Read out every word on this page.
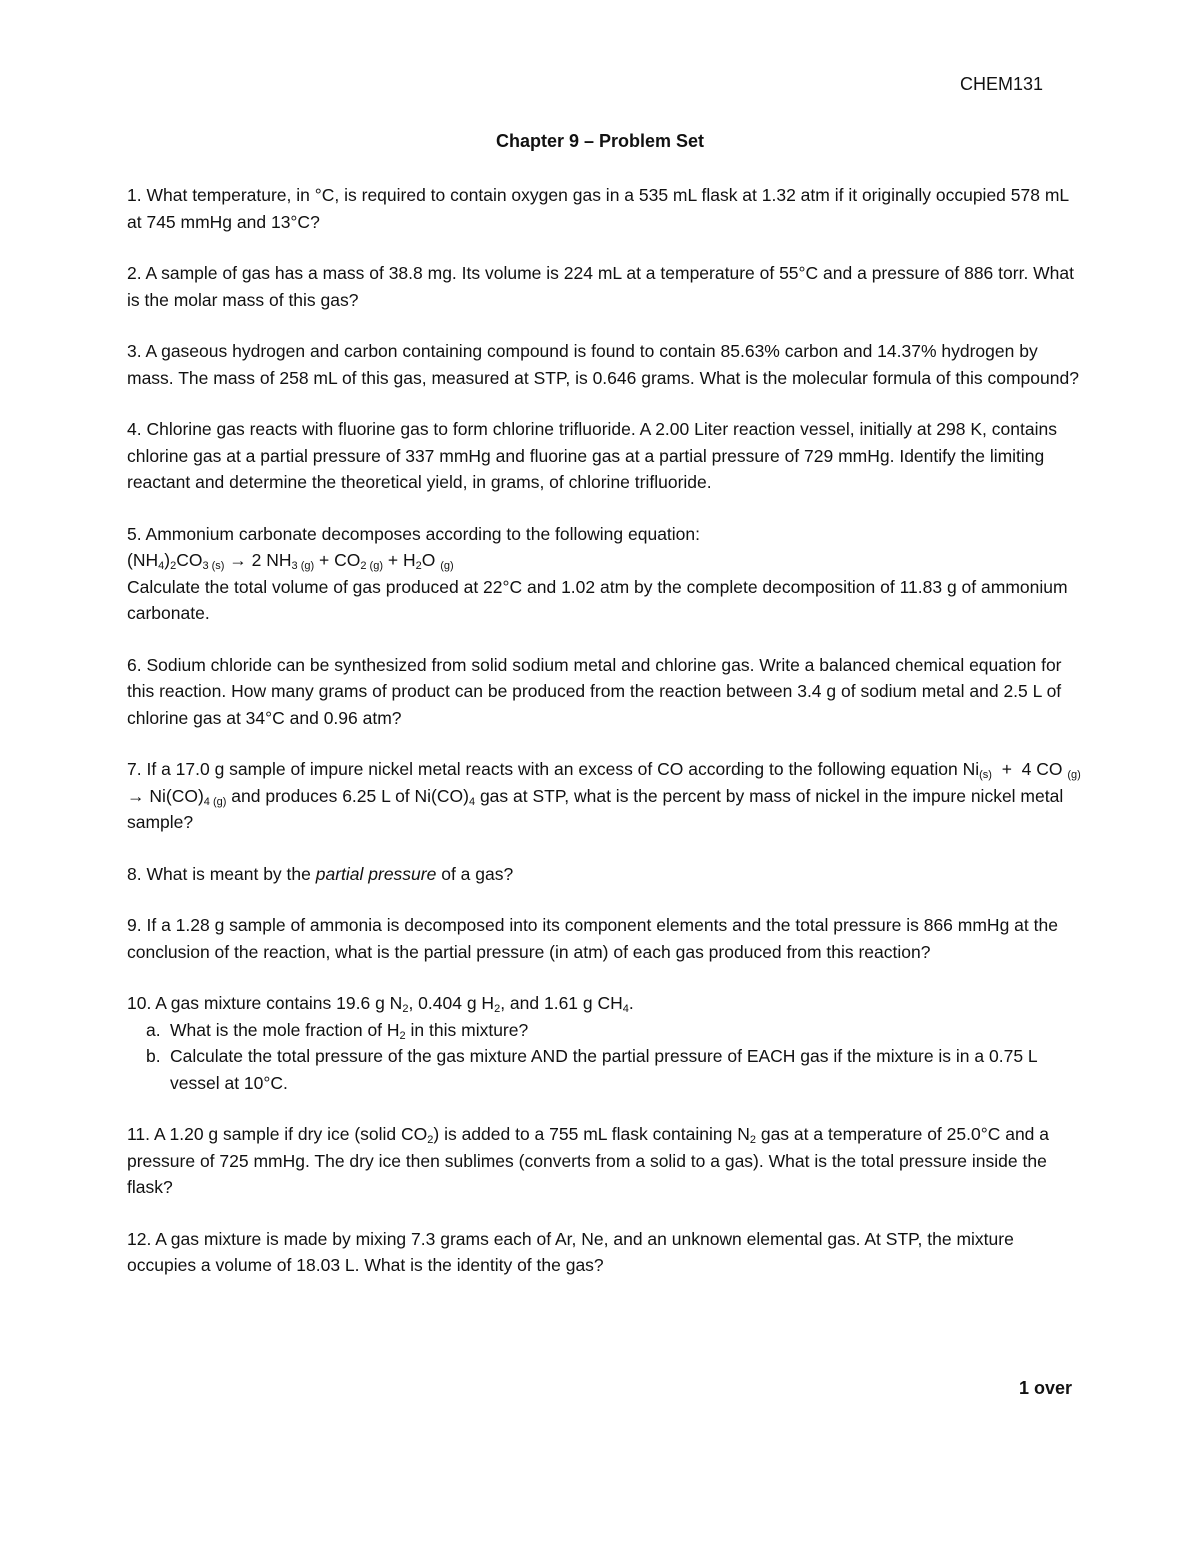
CHEM131
Chapter 9 – Problem Set

1. What temperature, in °C, is required to contain oxygen gas in a 535 mL flask at 1.32 atm if it originally occupied 578 mL at 745 mmHg and 13°C?

2. A sample of gas has a mass of 38.8 mg. Its volume is 224 mL at a temperature of 55°C and a pressure of 886 torr. What is the molar mass of this gas?

3. A gaseous hydrogen and carbon containing compound is found to contain 85.63% carbon and 14.37% hydrogen by mass. The mass of 258 mL of this gas, measured at STP, is 0.646 grams. What is the molecular formula of this compound?

4. Chlorine gas reacts with fluorine gas to form chlorine trifluoride. A 2.00 Liter reaction vessel, initially at 298 K, contains chlorine gas at a partial pressure of 337 mmHg and fluorine gas at a partial pressure of 729 mmHg. Identify the limiting reactant and determine the theoretical yield, in grams, of chlorine trifluoride.

5. Ammonium carbonate decomposes according to the following equation:

$(NH_4)_2CO_{3 (s)} \to 2$ $NH_{3 (g)} + CO_{2 (g)} + H_2O$ $_{(g)}$

Calculate the total volume of gas produced at 22°C and 1.02 atm by the complete decomposition of 11.83 g of ammonium carbonate.

6. Sodium chloride can be synthesized from solid sodium metal and chlorine gas. Write a balanced chemical equation for this reaction. How many grams of product can be produced from the reaction between 3.4 g of sodium metal and 2.5 L of chlorine gas at 34°C and 0.96 atm?

7. If a 17.0 g sample of impure nickel metal reacts with an excess of CO according to the following equation $Ni_{(s)} + 4$ CO $_{(g)} \to Ni(CO)_{4 (g)}$ and produces 6.25 L of $Ni(CO)_4$ gas at STP, what is the percent by mass of nickel in the impure nickel metal sample?

8. What is meant by the partial pressure of a gas?

9. If a 1.28 g sample of ammonia is decomposed into its component elements and the total pressure is 866 mmHg at the conclusion of the reaction, what is the partial pressure (in atm) of each gas produced from this reaction?

10. A gas mixture contains 19.6 g $N_2$, 0.404 g $H_2$, and 1.61 g $CH_4$.

a. What is the mole fraction of $H_2$ in this mixture?
b. Calculate the total pressure of the gas mixture AND the partial pressure of EACH gas if the mixture is in a 0.75 L vessel at 10°C.

11. A 1.20 g sample if dry ice (solid $CO_2$) is added to a 755 mL flask containing $N_2$ gas at a temperature of 25.0°C and a pressure of 725 mmHg. The dry ice then sublimes (converts from a solid to a gas). What is the total pressure inside the flask?

12. A gas mixture is made by mixing 7.3 grams each of Ar, Ne, and an unknown elemental gas. At STP, the mixture occupies a volume of 18.03 L. What is the identity of the gas?

1 over
